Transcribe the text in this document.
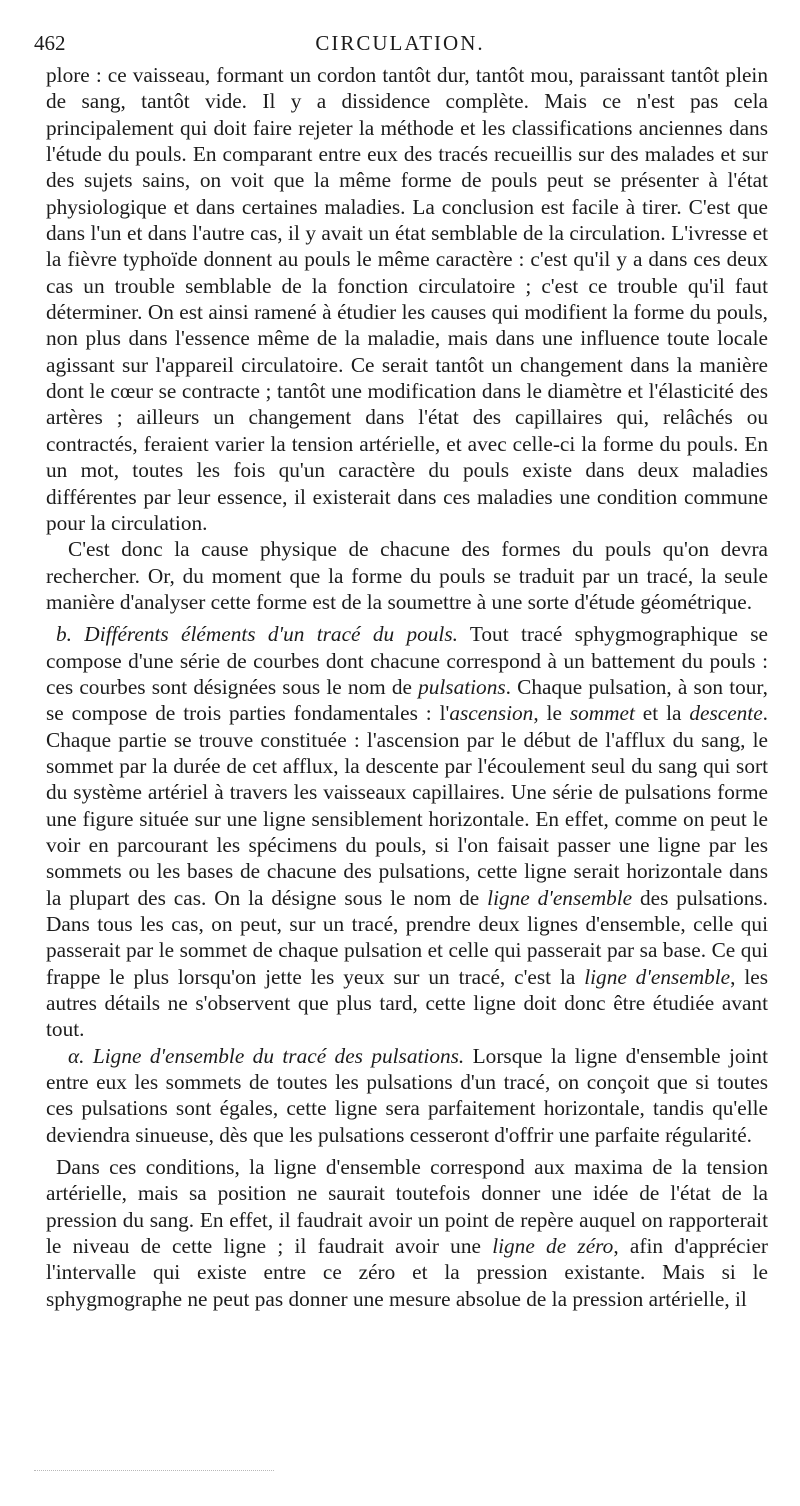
462	CIRCULATION.

plore : ce vaisseau, formant un cordon tantôt dur, tantôt mou, paraissant tantôt plein de sang, tantôt vide. Il y a dissidence complète. Mais ce n'est pas cela principalement qui doit faire rejeter la méthode et les classifications anciennes dans l'étude du pouls. En comparant entre eux des tracés recueillis sur des malades et sur des sujets sains, on voit que la même forme de pouls peut se présenter à l'état physiologique et dans certaines maladies. La conclusion est facile à tirer. C'est que dans l'un et dans l'autre cas, il y avait un état semblable de la circulation. L'ivresse et la fièvre typhoïde donnent au pouls le même caractère : c'est qu'il y a dans ces deux cas un trouble semblable de la fonction circulatoire ; c'est ce trouble qu'il faut déterminer. On est ainsi ramené à étudier les causes qui modifient la forme du pouls, non plus dans l'essence même de la maladie, mais dans une influence toute locale agissant sur l'appareil circulatoire. Ce serait tantôt un changement dans la manière dont le cœur se contracte ; tantôt une modification dans le diamètre et l'élasticité des artères ; ailleurs un changement dans l'état des capillaires qui, relâchés ou contractés, feraient varier la tension artérielle, et avec celle-ci la forme du pouls. En un mot, toutes les fois qu'un caractère du pouls existe dans deux maladies différentes par leur essence, il existerait dans ces maladies une condition commune pour la circulation.

C'est donc la cause physique de chacune des formes du pouls qu'on devra rechercher. Or, du moment que la forme du pouls se traduit par un tracé, la seule manière d'analyser cette forme est de la soumettre à une sorte d'étude géométrique.

b. Différents éléments d'un tracé du pouls. Tout tracé sphygmographique se compose d'une série de courbes dont chacune correspond à un battement du pouls : ces courbes sont désignées sous le nom de pulsations. Chaque pulsation, à son tour, se compose de trois parties fondamentales : l'ascension, le sommet et la descente. Chaque partie se trouve constituée : l'ascension par le début de l'afflux du sang, le sommet par la durée de cet afflux, la descente par l'écoulement seul du sang qui sort du système artériel à travers les vaisseaux capillaires. Une série de pulsations forme une figure située sur une ligne sensiblement horizontale. En effet, comme on peut le voir en parcourant les spécimens du pouls, si l'on faisait passer une ligne par les sommets ou les bases de chacune des pulsations, cette ligne serait horizontale dans la plupart des cas. On la désigne sous le nom de ligne d'ensemble des pulsations. Dans tous les cas, on peut, sur un tracé, prendre deux lignes d'ensemble, celle qui passerait par le sommet de chaque pulsation et celle qui passerait par sa base. Ce qui frappe le plus lorsqu'on jette les yeux sur un tracé, c'est la ligne d'ensemble, les autres détails ne s'observent que plus tard, cette ligne doit donc être étudiée avant tout.

α. Ligne d'ensemble du tracé des pulsations. Lorsque la ligne d'ensemble joint entre eux les sommets de toutes les pulsations d'un tracé, on conçoit que si toutes ces pulsations sont égales, cette ligne sera parfaitement horizontale, tandis qu'elle deviendra sinueuse, dès que les pulsations cesseront d'offrir une parfaite régularité.

Dans ces conditions, la ligne d'ensemble correspond aux maxima de la tension artérielle, mais sa position ne saurait toutefois donner une idée de l'état de la pression du sang. En effet, il faudrait avoir un point de repère auquel on rapporterait le niveau de cette ligne ; il faudrait avoir une ligne de zéro, afin d'apprécier l'intervalle qui existe entre ce zéro et la pression existante. Mais si le sphygmographe ne peut pas donner une mesure absolue de la pression artérielle, il
